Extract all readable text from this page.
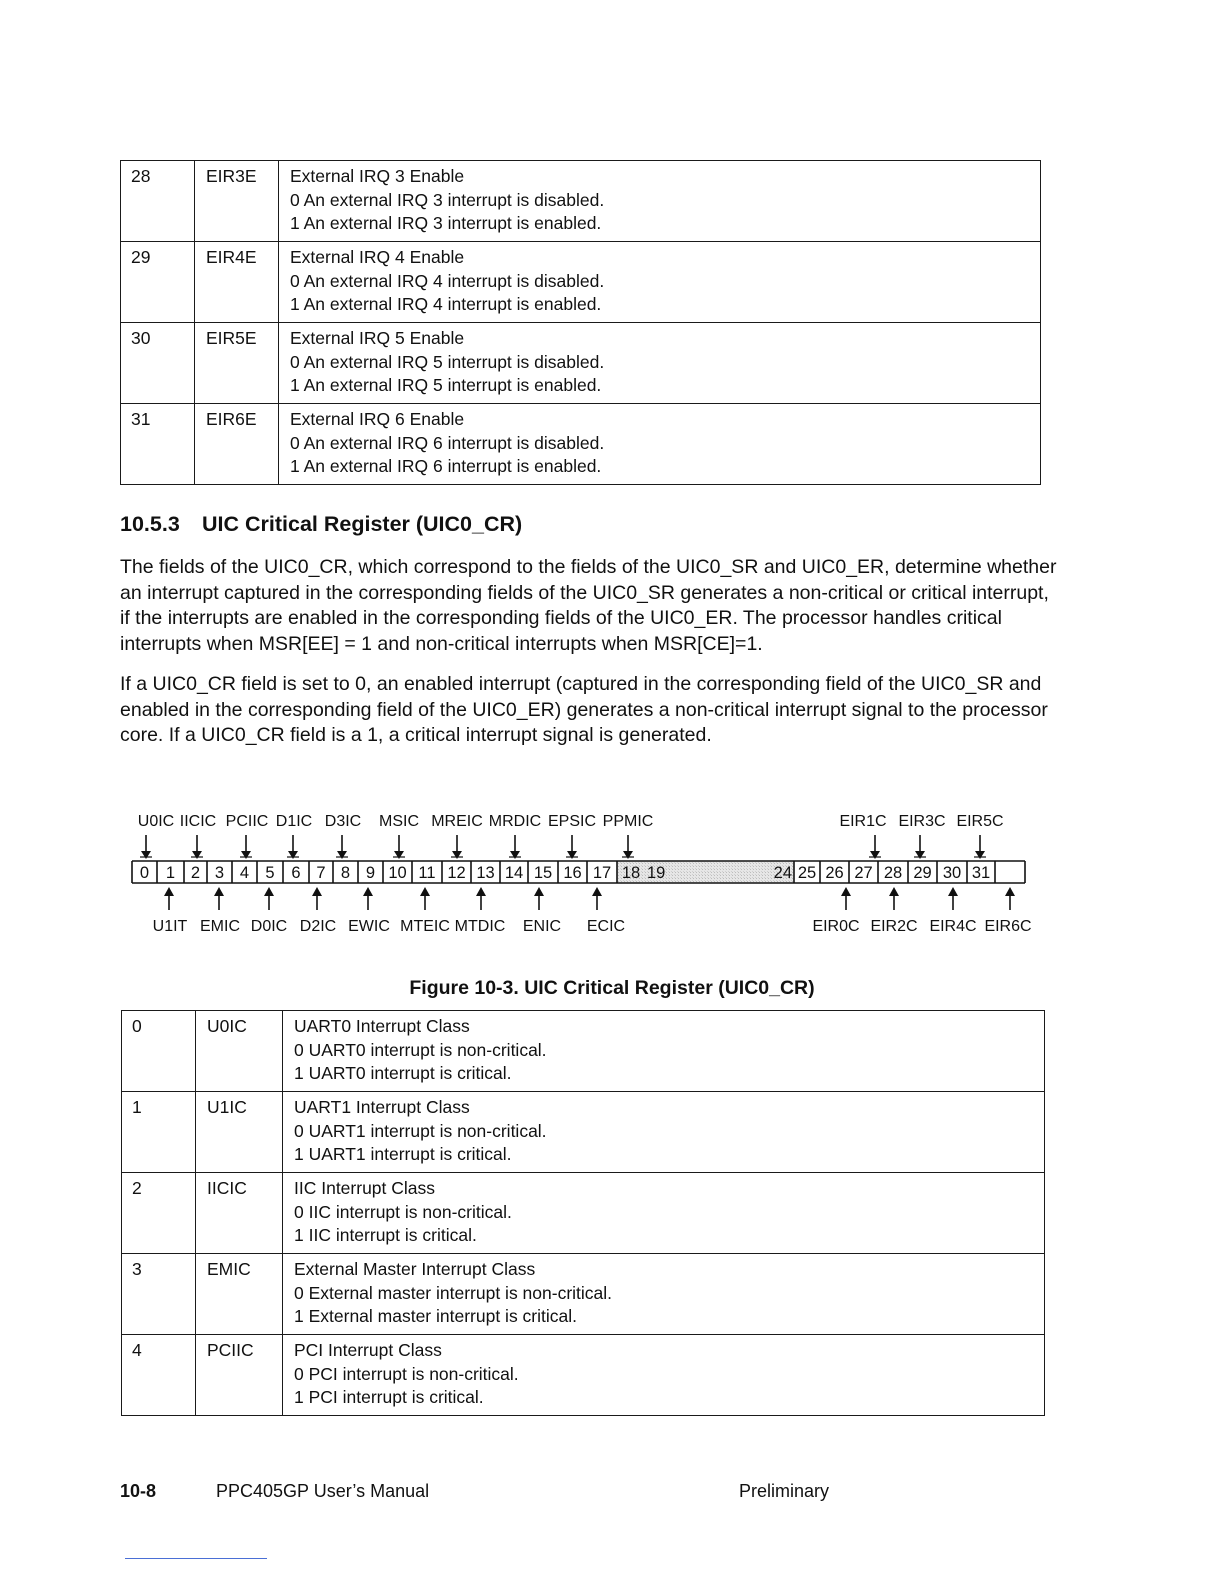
28	EIR3E	External IRQ 3 Enable
0 An external IRQ 3 interrupt is disabled.
1 An external IRQ 3 interrupt is enabled.

29	EIR4E	External IRQ 4 Enable
0 An external IRQ 4 interrupt is disabled.
1 An external IRQ 4 interrupt is enabled.

30	EIR5E	External IRQ 5 Enable
0 An external IRQ 5 interrupt is disabled.
1 An external IRQ 5 interrupt is enabled.

31	EIR6E	External IRQ 6 Enable
0 An external IRQ 6 interrupt is disabled.
1 An external IRQ 6 interrupt is enabled.
10.5.3 UIC Critical Register (UIC0_CR)
The fields of the UIC0_CR, which correspond to the fields of the UIC0_SR and UIC0_ER, determine whether an interrupt captured in the corresponding fields of the UIC0_SR generates a non-critical or critical interrupt, if the interrupts are enabled in the corresponding fields of the UIC0_ER. The processor handles critical interrupts when MSR[EE] = 1 and non-critical interrupts when MSR[CE]=1.
If a UIC0_CR field is set to 0, an enabled interrupt (captured in the corresponding field of the UIC0_SR and enabled in the corresponding field of the UIC0_ER) generates a non-critical interrupt signal to the processor core. If a UIC0_CR field is a 1, a critical interrupt signal is generated.
0 1 2 3 4 5 6 7 8 9 10 11 12 13 14 15 16 17 18 19	24 25 26 27 28 29 30 31
U0IC IICIC PCIIC D1IC D3IC MSIC MREIC MRDIC EPSIC PPMIC	EIR1C EIR3C EIR5C
U1IT EMIC D0IC D2IC EWIC MTEIC MTDIC ENIC ECIC	EIR0C EIR2C EIR4C EIR6C
Figure 10-3. UIC Critical Register (UIC0_CR)
0	U0IC	UART0 Interrupt Class
0 UART0 interrupt is non-critical.
1 UART0 interrupt is critical.

1	U1IC	UART1 Interrupt Class
0 UART1 interrupt is non-critical.
1 UART1 interrupt is critical.

2	IICIC	IIC Interrupt Class
0 IIC interrupt is non-critical.
1 IIC interrupt is critical.

3	EMIC	External Master Interrupt Class
0 External master interrupt is non-critical.
1 External master interrupt is critical.

4	PCIIC	PCI Interrupt Class
0 PCI interrupt is non-critical.
1 PCI interrupt is critical.
10-8	PPC405GP User’s Manual	Preliminary
